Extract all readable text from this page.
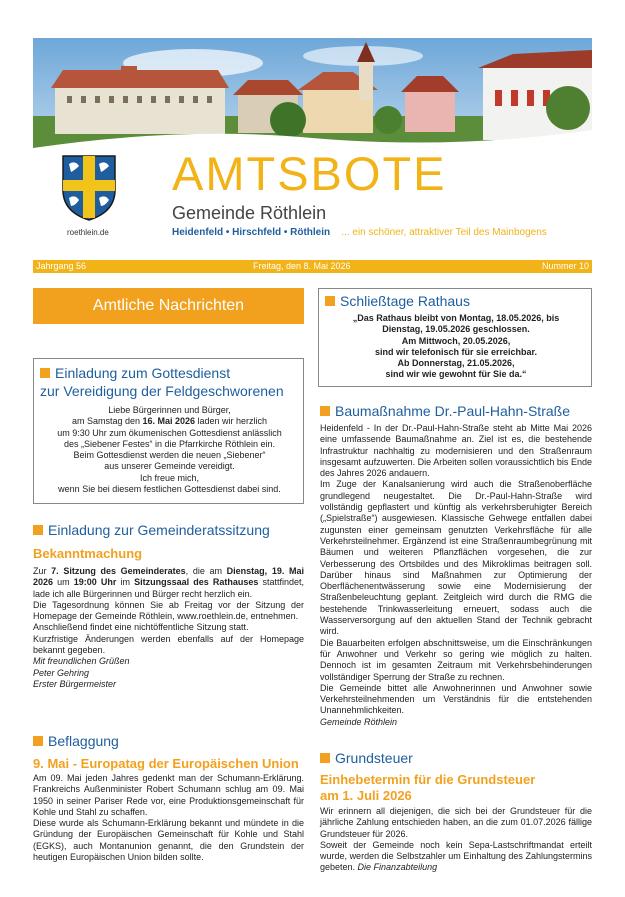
roethlein.de
AMTSBOTE
Gemeinde Röthlein
Heidenfeld • Hirschfeld • Röthlein ... ein schöner, attraktiver Teil des Mainbogens
Jahrgang 56	Freitag, den 8. Mai 2026	Nummer 10
Amtliche Nachrichten
Einladung zum Gottesdienst
zur Vereidigung der Feldgeschworenen
Liebe Bürgerinnen und Bürger,
am Samstag den 16. Mai 2026 laden wir herzlich
um 9:30 Uhr zum ökumenischen Gottesdienst anlässlich
des „Siebener Festes“ in die Pfarrkirche Röthlein ein.
Beim Gottesdienst werden die neuen „Siebener“
aus unserer Gemeinde vereidigt.
Ich freue mich,
wenn Sie bei diesem festlichen Gottesdienst dabei sind.
Einladung zur Gemeinderatssitzung
Bekanntmachung
Zur 7. Sitzung des Gemeinderates, die am Dienstag, 19. Mai 2026 um 19:00 Uhr im Sitzungssaal des Rathauses stattfindet, lade ich alle Bürgerinnen und Bürger recht herzlich ein.
Die Tagesordnung können Sie ab Freitag vor der Sitzung der Homepage der Gemeinde Röthlein, www.roethlein.de, entnehmen.
Anschließend findet eine nichtöffentliche Sitzung statt.
Kurzfristige Änderungen werden ebenfalls auf der Homepage bekannt gegeben.
Mit freundlichen Grüßen
Peter Gehring
Erster Bürgermeister
Beflaggung
9. Mai - Europatag der Europäischen Union
Am 09. Mai jeden Jahres gedenkt man der Schumann-Erklärung. Frankreichs Außenminister Robert Schumann schlug am 09. Mai 1950 in seiner Pariser Rede vor, eine Produktionsgemeinschaft für Kohle und Stahl zu schaffen.
Diese wurde als Schumann-Erklärung bekannt und mündete in die Gründung der Europäischen Gemeinschaft für Kohle und Stahl (EGKS), auch Montanunion genannt, die den Grundstein der heutigen Europäischen Union bilden sollte.
Schließtage Rathaus
„Das Rathaus bleibt von Montag, 18.05.2026, bis
Dienstag, 19.05.2026 geschlossen.
Am Mittwoch, 20.05.2026,
sind wir telefonisch für sie erreichbar.
Ab Donnerstag, 21.05.2026,
sind wir wie gewohnt für Sie da.“
Baumaßnahme Dr.-Paul-Hahn-Straße
Heidenfeld - In der Dr.-Paul-Hahn-Straße steht ab Mitte Mai 2026 eine umfassende Baumaßnahme an. Ziel ist es, die bestehende Infrastruktur nachhaltig zu modernisieren und den Straßenraum insgesamt aufzuwerten. Die Arbeiten sollen voraussichtlich bis Ende des Jahres 2026 andauern.
Im Zuge der Kanalsanierung wird auch die Straßenoberfläche grundlegend neugestaltet. Die Dr.-Paul-Hahn-Straße wird vollständig gepflastert und künftig als verkehrsberuhigter Bereich („Spielstraße“) ausgewiesen. Klassische Gehwege entfallen dabei zugunsten einer gemeinsam genutzten Verkehrsfläche für alle Verkehrsteilnehmer. Ergänzend ist eine Straßenraumbegrünung mit Bäumen und weiteren Pflanzflächen vorgesehen, die zur Verbesserung des Ortsbildes und des Mikroklimas beitragen soll. Darüber hinaus sind Maßnahmen zur Optimierung der Oberflächenentwässerung sowie eine Modernisierung der Straßenbeleuchtung geplant. Zeitgleich wird durch die RMG die bestehende Trinkwasserleitung erneuert, sodass auch die Wasserversorgung auf den aktuellen Stand der Technik gebracht wird.
Die Bauarbeiten erfolgen abschnittsweise, um die Einschränkungen für Anwohner und Verkehr so gering wie möglich zu halten. Dennoch ist im gesamten Zeitraum mit Verkehrsbehinderungen vollständiger Sperrung der Straße zu rechnen.
Die Gemeinde bittet alle Anwohnerinnen und Anwohner sowie Verkehrsteilnehmenden um Verständnis für die entstehenden Unannehmlichkeiten.
Gemeinde Röthlein
Grundsteuer
Einhebetermin für die Grundsteuer
am 1. Juli 2026
Wir erinnern all diejenigen, die sich bei der Grundsteuer für die jährliche Zahlung entschieden haben, an die zum 01.07.2026 fällige Grundsteuer für 2026.
Soweit der Gemeinde noch kein Sepa-Lastschriftmandat erteilt wurde, werden die Selbstzahler um Einhaltung des Zahlungstermins gebeten. Die Finanzabteilung
